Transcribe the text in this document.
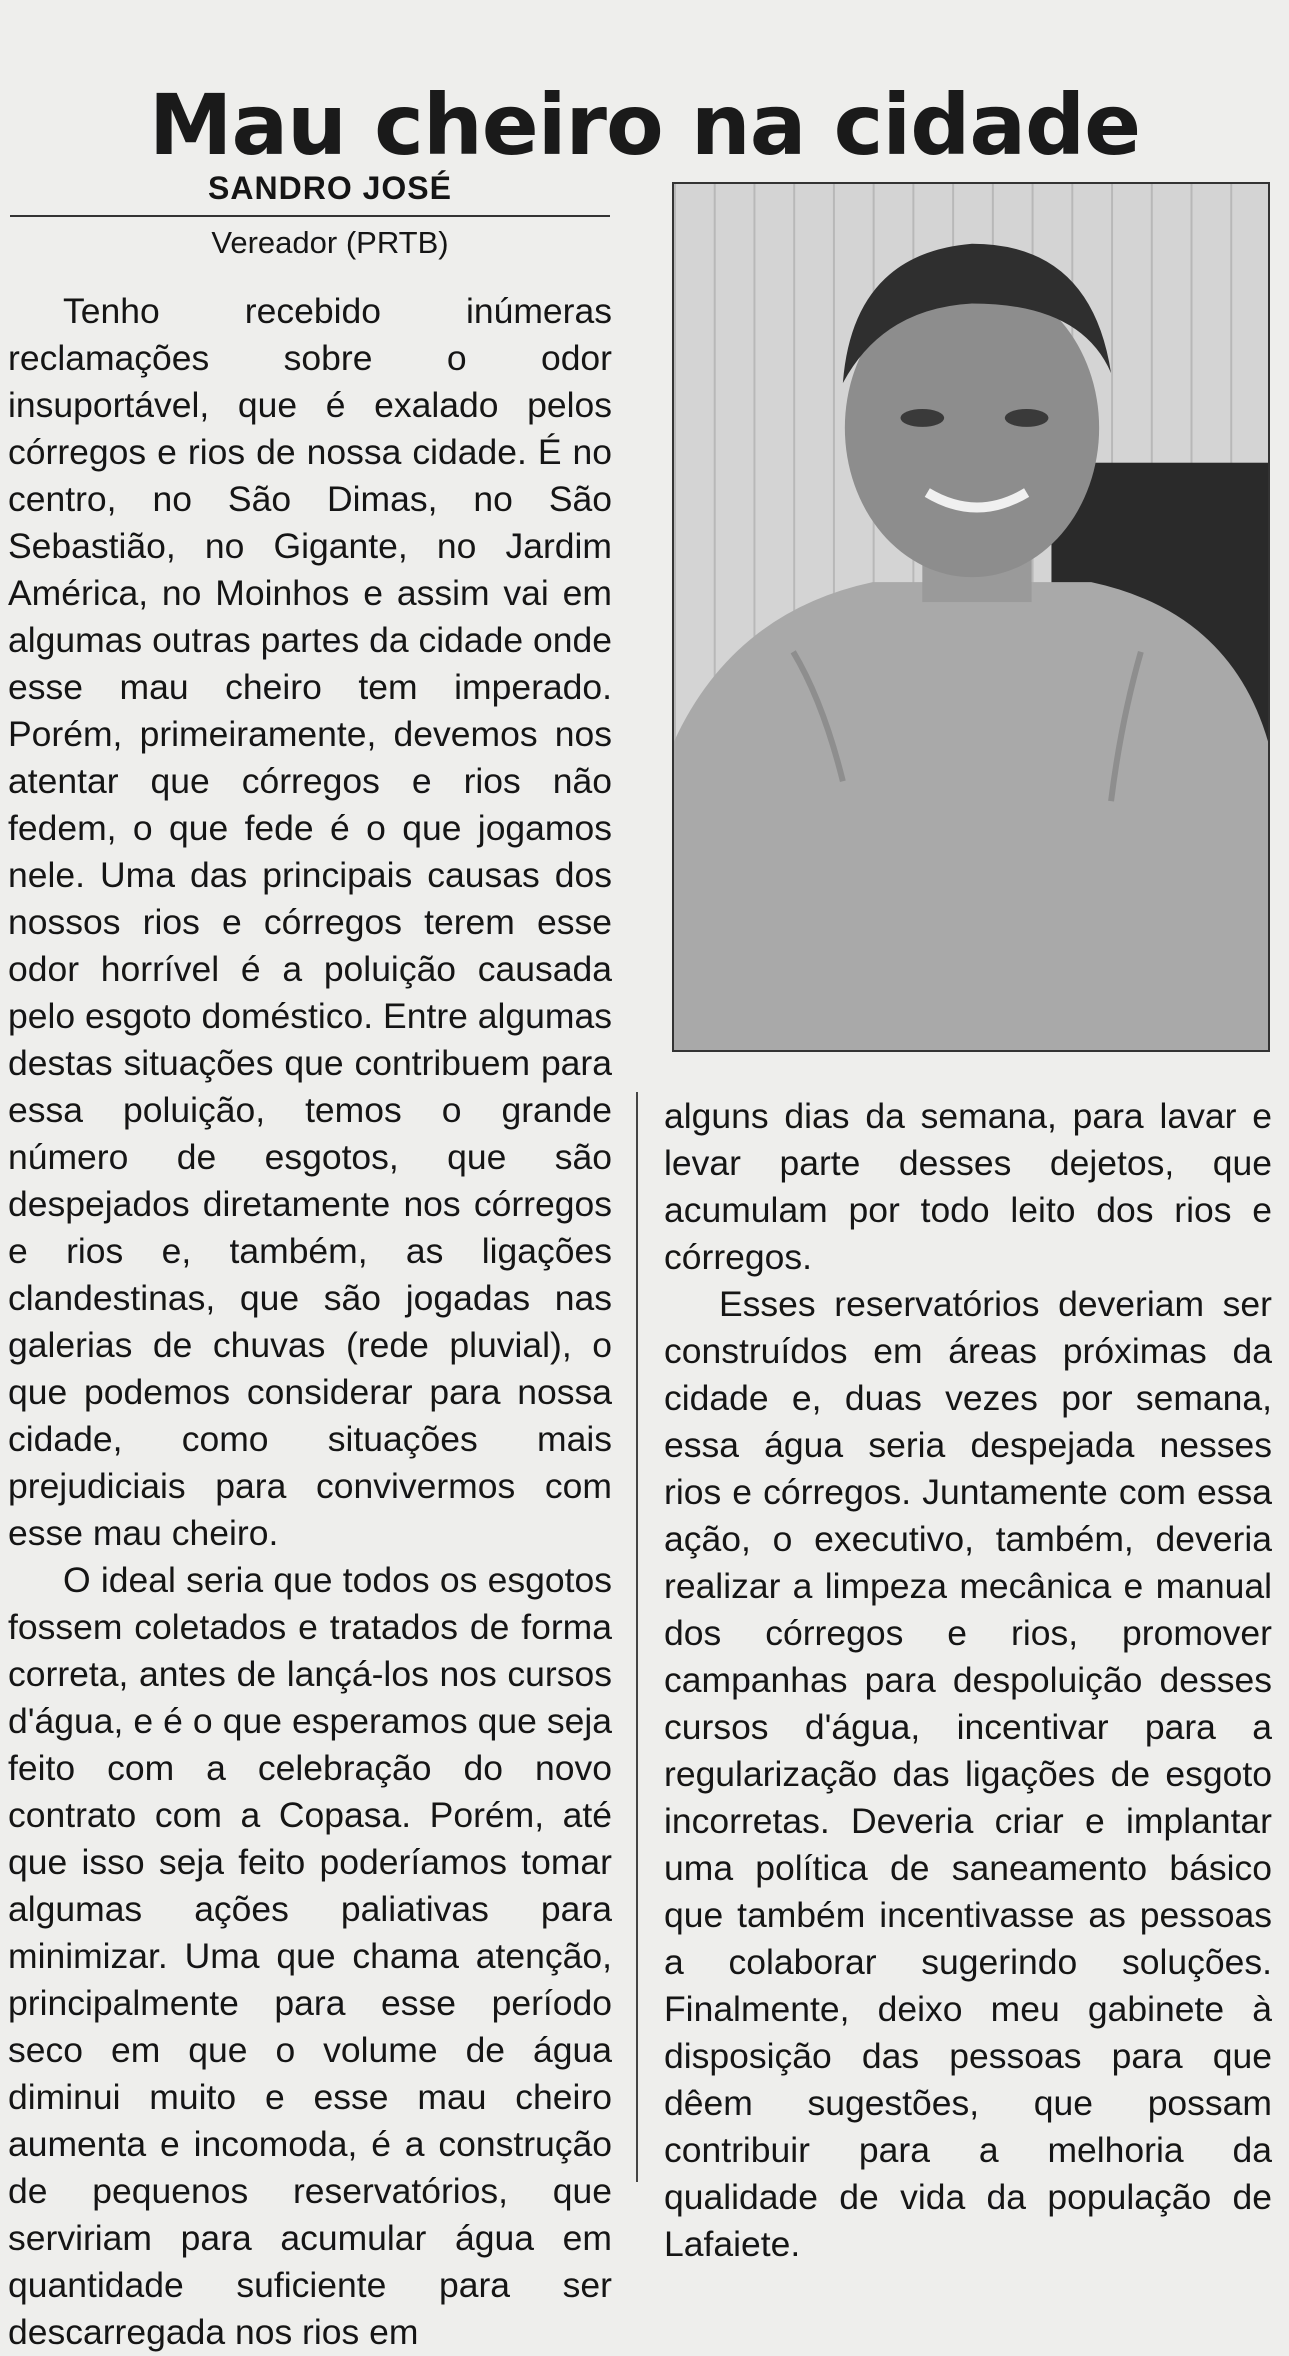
Mau cheiro na cidade
SANDRO JOSÉ
Vereador (PRTB)

Tenho recebido inúmeras reclamações sobre o odor insuportável, que é exalado pelos córregos e rios de nossa cidade. É no centro, no São Dimas, no São Sebastião, no Gigante, no Jardim América, no Moinhos e assim vai em algumas outras partes da cidade onde esse mau cheiro tem imperado. Porém, primeiramente, devemos nos atentar que córregos e rios não fedem, o que fede é o que jogamos nele. Uma das principais causas dos nossos rios e córregos terem esse odor horrível é a poluição causada pelo esgoto doméstico. Entre algumas destas situações que contribuem para essa poluição, temos o grande número de esgotos, que são despejados diretamente nos córregos e rios e, também, as ligações clandestinas, que são jogadas nas galerias de chuvas (rede pluvial), o que podemos considerar para nossa cidade, como situações mais prejudiciais para convivermos com esse mau cheiro.

O ideal seria que todos os esgotos fossem coletados e tratados de forma correta, antes de lançá-los nos cursos d'água, e é o que esperamos que seja feito com a celebração do novo contrato com a Copasa. Porém, até que isso seja feito poderíamos tomar algumas ações paliativas para minimizar. Uma que chama atenção, principalmente para esse período seco em que o volume de água diminui muito e esse mau cheiro aumenta e incomoda, é a construção de pequenos reservatórios, que serviriam para acumular água em quantidade suficiente para ser descarregada nos rios em

alguns dias da semana, para lavar e levar parte desses dejetos, que acumulam por todo leito dos rios e córregos.

Esses reservatórios deveriam ser construídos em áreas próximas da cidade e, duas vezes por semana, essa água seria despejada nesses rios e córregos. Juntamente com essa ação, o executivo, também, deveria realizar a limpeza mecânica e manual dos córregos e rios, promover campanhas para despoluição desses cursos d'água, incentivar para a regularização das ligações de esgoto incorretas. Deveria criar e implantar uma política de saneamento básico que também incentivasse as pessoas a colaborar sugerindo soluções. Finalmente, deixo meu gabinete à disposição das pessoas para que dêem sugestões, que possam contribuir para a melhoria da qualidade de vida da população de Lafaiete.
